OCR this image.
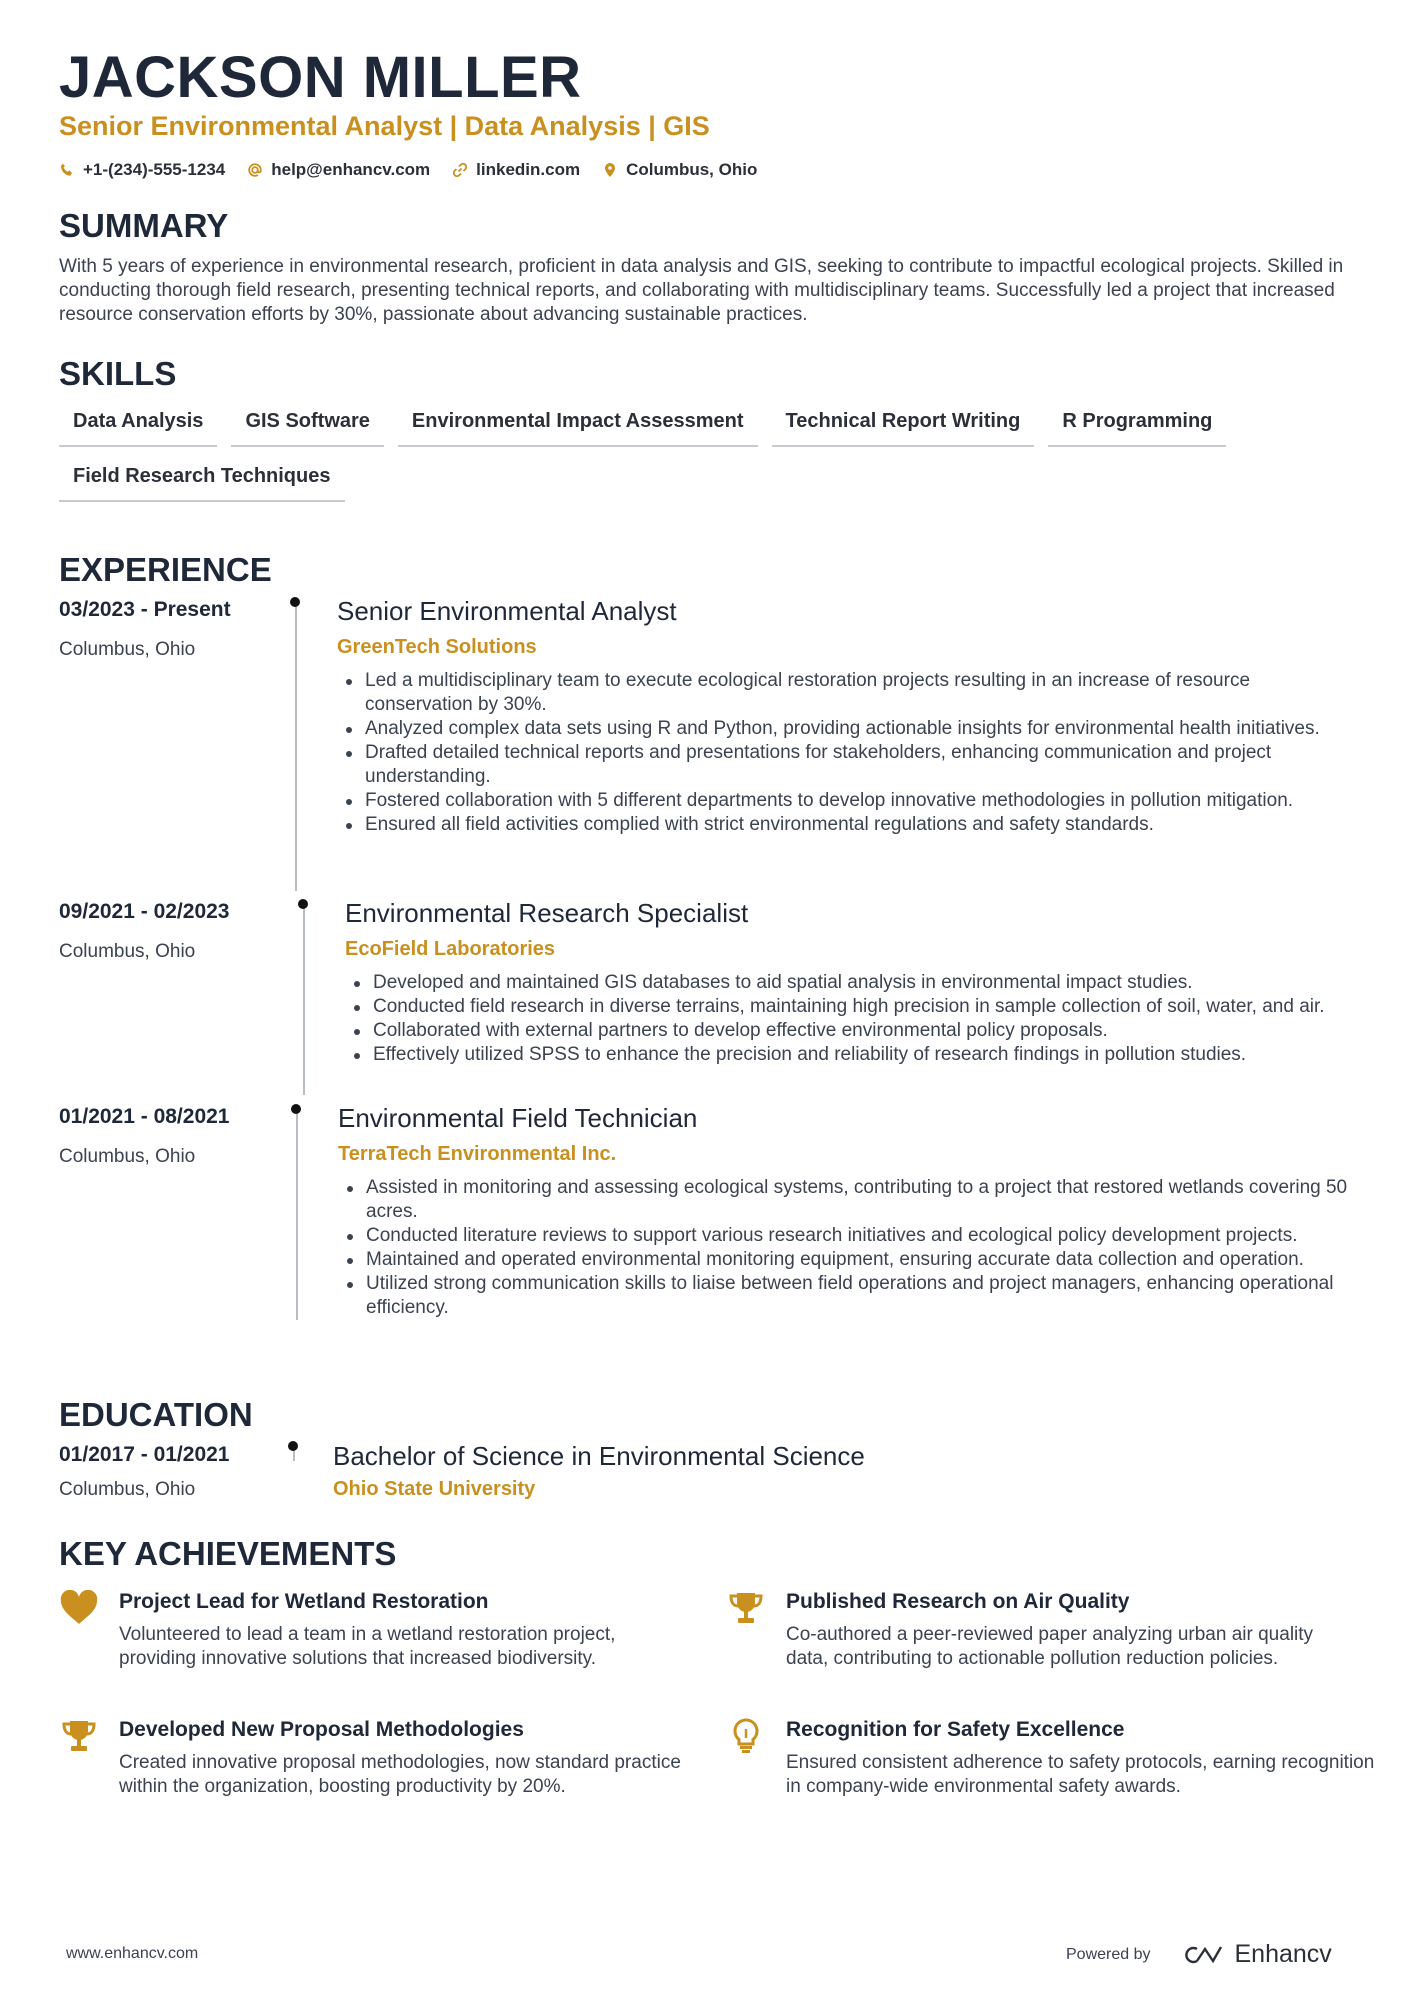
JACKSON MILLER
Senior Environmental Analyst | Data Analysis | GIS
+1-(234)-555-1234	help@enhancv.com	linkedin.com	Columbus, Ohio
SUMMARY
With 5 years of experience in environmental research, proficient in data analysis and GIS, seeking to contribute to impactful ecological projects. Skilled in conducting thorough field research, presenting technical reports, and collaborating with multidisciplinary teams. Successfully led a project that increased resource conservation efforts by 30%, passionate about advancing sustainable practices.
SKILLS
Data Analysis	GIS Software	Environmental Impact Assessment	Technical Report Writing	R Programming
Field Research Techniques
EXPERIENCE
03/2023 - Present
Columbus, Ohio
Senior Environmental Analyst
GreenTech Solutions
Led a multidisciplinary team to execute ecological restoration projects resulting in an increase of resource conservation by 30%.
Analyzed complex data sets using R and Python, providing actionable insights for environmental health initiatives.
Drafted detailed technical reports and presentations for stakeholders, enhancing communication and project understanding.
Fostered collaboration with 5 different departments to develop innovative methodologies in pollution mitigation.
Ensured all field activities complied with strict environmental regulations and safety standards.
09/2021 - 02/2023
Columbus, Ohio
Environmental Research Specialist
EcoField Laboratories
Developed and maintained GIS databases to aid spatial analysis in environmental impact studies.
Conducted field research in diverse terrains, maintaining high precision in sample collection of soil, water, and air.
Collaborated with external partners to develop effective environmental policy proposals.
Effectively utilized SPSS to enhance the precision and reliability of research findings in pollution studies.
01/2021 - 08/2021
Columbus, Ohio
Environmental Field Technician
TerraTech Environmental Inc.
Assisted in monitoring and assessing ecological systems, contributing to a project that restored wetlands covering 50 acres.
Conducted literature reviews to support various research initiatives and ecological policy development projects.
Maintained and operated environmental monitoring equipment, ensuring accurate data collection and operation.
Utilized strong communication skills to liaise between field operations and project managers, enhancing operational efficiency.
EDUCATION
01/2017 - 01/2021
Columbus, Ohio
Bachelor of Science in Environmental Science
Ohio State University
KEY ACHIEVEMENTS
Project Lead for Wetland Restoration
Volunteered to lead a team in a wetland restoration project, providing innovative solutions that increased biodiversity.
Published Research on Air Quality
Co-authored a peer-reviewed paper analyzing urban air quality data, contributing to actionable pollution reduction policies.
Developed New Proposal Methodologies
Created innovative proposal methodologies, now standard practice within the organization, boosting productivity by 20%.
Recognition for Safety Excellence
Ensured consistent adherence to safety protocols, earning recognition in company-wide environmental safety awards.
www.enhancv.com	Powered by	Enhancv
